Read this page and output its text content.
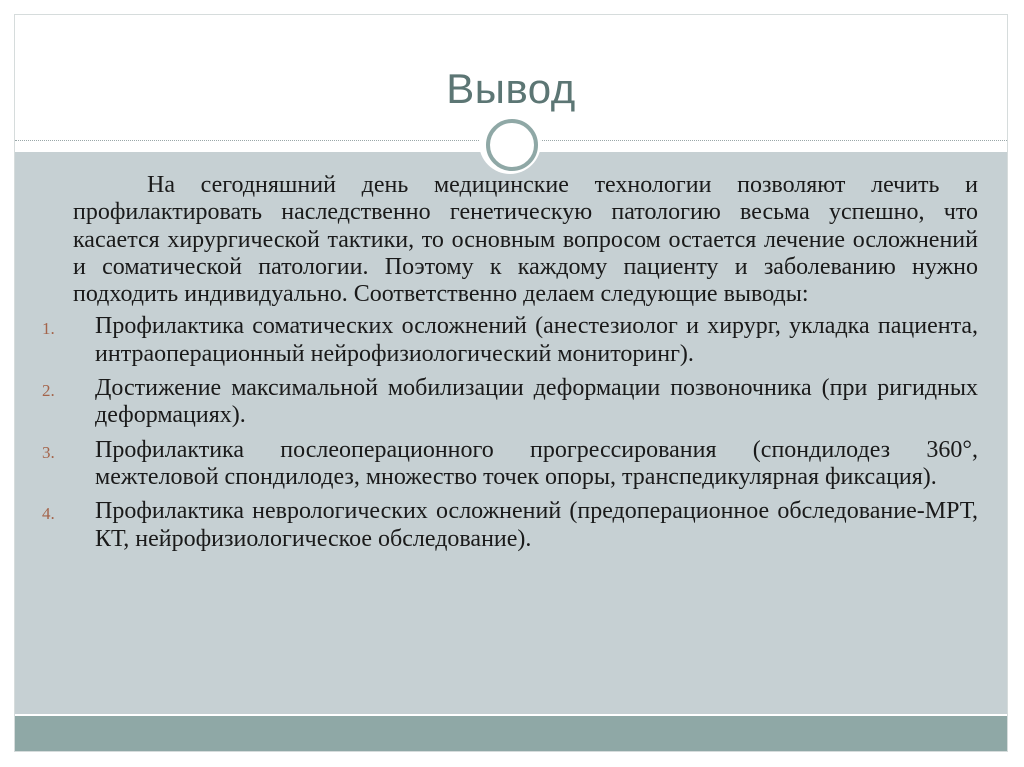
Вывод

На сегодняшний день медицинские технологии позволяют лечить и профилактировать наследственно генетическую патологию весьма успешно, что касается хирургической тактики, то основным вопросом остается лечение осложнений и соматической патологии. Поэтому к каждому пациенту и заболеванию нужно подходить индивидуально. Соответственно делаем следующие выводы:

1. Профилактика соматических осложнений (анестезиолог и хирург, укладка пациента, интраоперационный нейрофизиологический мониторинг).
2. Достижение максимальной мобилизации деформации позвоночника (при ригидных деформациях).
3. Профилактика послеоперационного прогрессирования (спондилодез 360°, межтеловой спондилодез, множество точек опоры, транспедикулярная фиксация).
4. Профилактика неврологических осложнений (предоперационное обследование-МРТ, КТ, нейрофизиологическое обследование).
